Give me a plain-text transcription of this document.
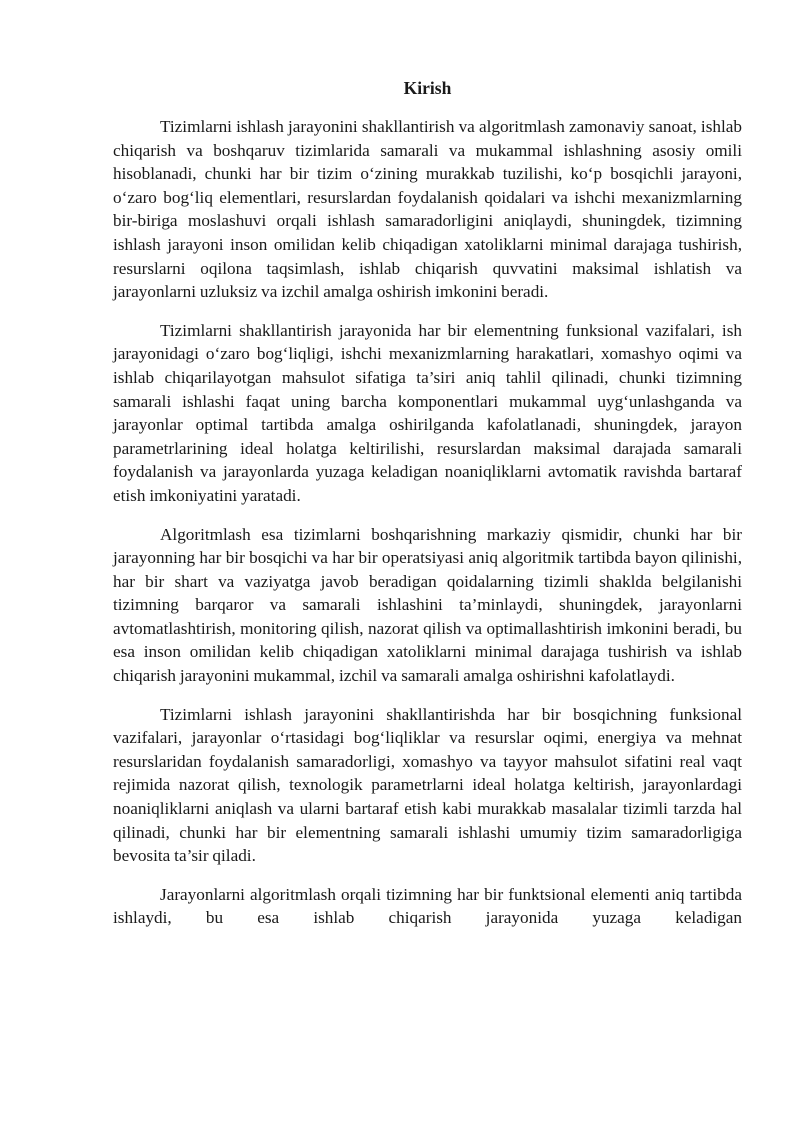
Kirish

Tizimlarni ishlash jarayonini shakllantirish va algoritmlash zamonaviy sanoat, ishlab chiqarish va boshqaruv tizimlarida samarali va mukammal ishlashning asosiy omili hisoblanadi, chunki har bir tizim o‘zining murakkab tuzilishi, ko‘p bosqichli jarayoni, o‘zaro bog‘liq elementlari, resurslardan foydalanish qoidalari va ishchi mexanizmlarning bir-biriga moslashuvi orqali ishlash samaradorligini aniqlaydi, shuningdek, tizimning ishlash jarayoni inson omilidan kelib chiqadigan xatoliklarni minimal darajaga tushirish, resurslarni oqilona taqsimlash, ishlab chiqarish quvvatini maksimal ishlatish va jarayonlarni uzluksiz va izchil amalga oshirish imkonini beradi.

Tizimlarni shakllantirish jarayonida har bir elementning funksional vazifalari, ish jarayonidagi o‘zaro bog‘liqligi, ishchi mexanizmlarning harakatlari, xomashyo oqimi va ishlab chiqarilayotgan mahsulot sifatiga ta’siri aniq tahlil qilinadi, chunki tizimning samarali ishlashi faqat uning barcha komponentlari mukammal uyg‘unlashganda va jarayonlar optimal tartibda amalga oshirilganda kafolatlanadi, shuningdek, jarayon parametrlarining ideal holatga keltirilishi, resurslardan maksimal darajada samarali foydalanish va jarayonlarda yuzaga keladigan noaniqliklarni avtomatik ravishda bartaraf etish imkoniyatini yaratadi.

Algoritmlash esa tizimlarni boshqarishning markaziy qismidir, chunki har bir jarayonning har bir bosqichi va har bir operatsiyasi aniq algoritmik tartibda bayon qilinishi, har bir shart va vaziyatga javob beradigan qoidalarning tizimli shaklda belgilanishi tizimning barqaror va samarali ishlashini ta’minlaydi, shuningdek, jarayonlarni avtomatlashtirish, monitoring qilish, nazorat qilish va optimallashtirish imkonini beradi, bu esa inson omilidan kelib chiqadigan xatoliklarni minimal darajaga tushirish va ishlab chiqarish jarayonini mukammal, izchil va samarali amalga oshirishni kafolatlaydi.

Tizimlarni ishlash jarayonini shakllantirishda har bir bosqichning funksional vazifalari, jarayonlar o‘rtasidagi bog‘liqliklar va resurslar oqimi, energiya va mehnat resurslaridan foydalanish samaradorligi, xomashyo va tayyor mahsulot sifatini real vaqt rejimida nazorat qilish, texnologik parametrlarni ideal holatga keltirish, jarayonlardagi noaniqliklarni aniqlash va ularni bartaraf etish kabi murakkab masalalar tizimli tarzda hal qilinadi, chunki har bir elementning samarali ishlashi umumiy tizim samaradorligiga bevosita ta’sir qiladi.

Jarayonlarni algoritmlash orqali tizimning har bir funktsional elementi aniq tartibda ishlaydi, bu esa ishlab chiqarish jarayonida yuzaga keladigan
